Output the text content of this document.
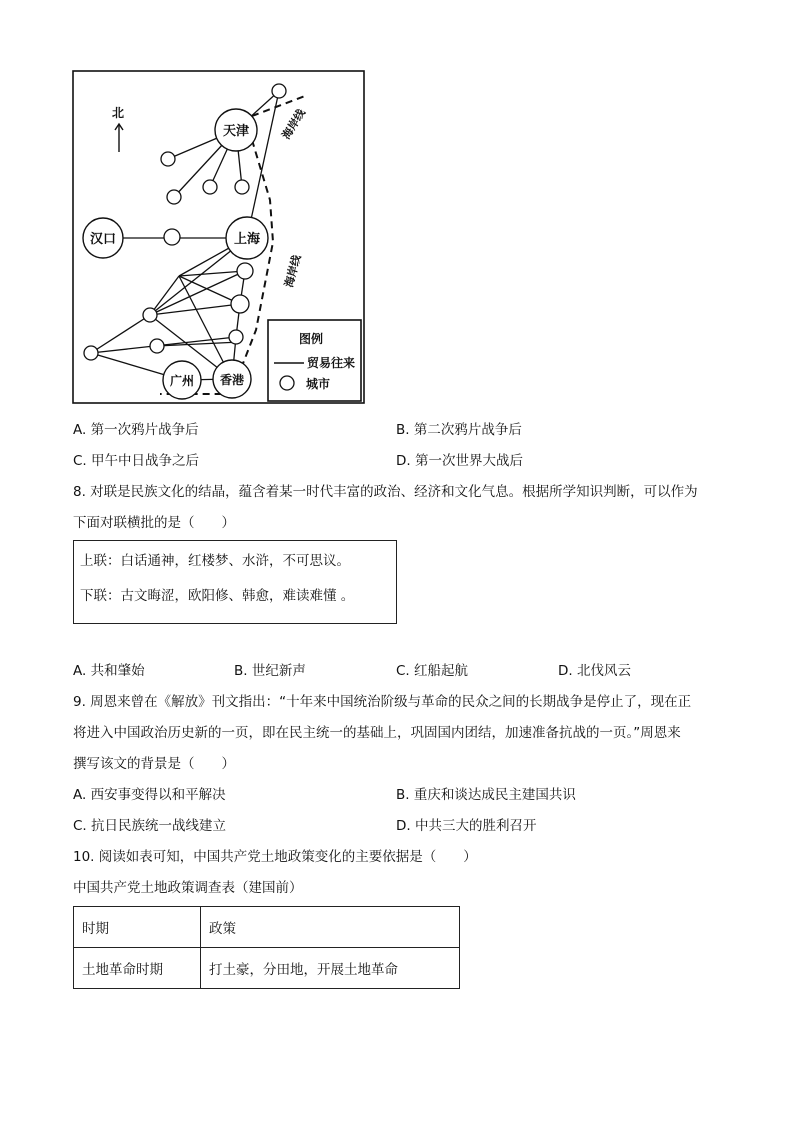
北	海岸线
海岸线
天津
汉口	上海
广州 香港
图例
贸易往来
城市
A. 第一次鸦片战争后	B. 第二次鸦片战争后
C. 甲午中日战争之后	D. 第一次世界大战后
8. 对联是民族文化的结晶，蕴含着某一时代丰富的政治、经济和文化气息。根据所学知识判断，可以作为
下面对联横批的是（　　）
上联：白话通神，红楼梦、水浒，不可思议。
下联：古文晦涩，欧阳修、韩愈，难读难懂 。
A. 共和肇始	B. 世纪新声	C. 红船起航	D. 北伐风云
9. 周恩来曾在《解放》刊文指出：“十年来中国统治阶级与革命的民众之间的长期战争是停止了，现在正
将进入中国政治历史新的一页，即在民主统一的基础上，巩固国内团结，加速准备抗战的一页。”周恩来
撰写该文的背景是（　　）
A. 西安事变得以和平解决	B. 重庆和谈达成民主建国共识
C. 抗日民族统一战线建立	D. 中共三大的胜利召开
10. 阅读如表可知，中国共产党土地政策变化的主要依据是（　　）
中国共产党土地政策调查表（建国前）
时期	政策
土地革命时期	打土豪，分田地，开展土地革命
